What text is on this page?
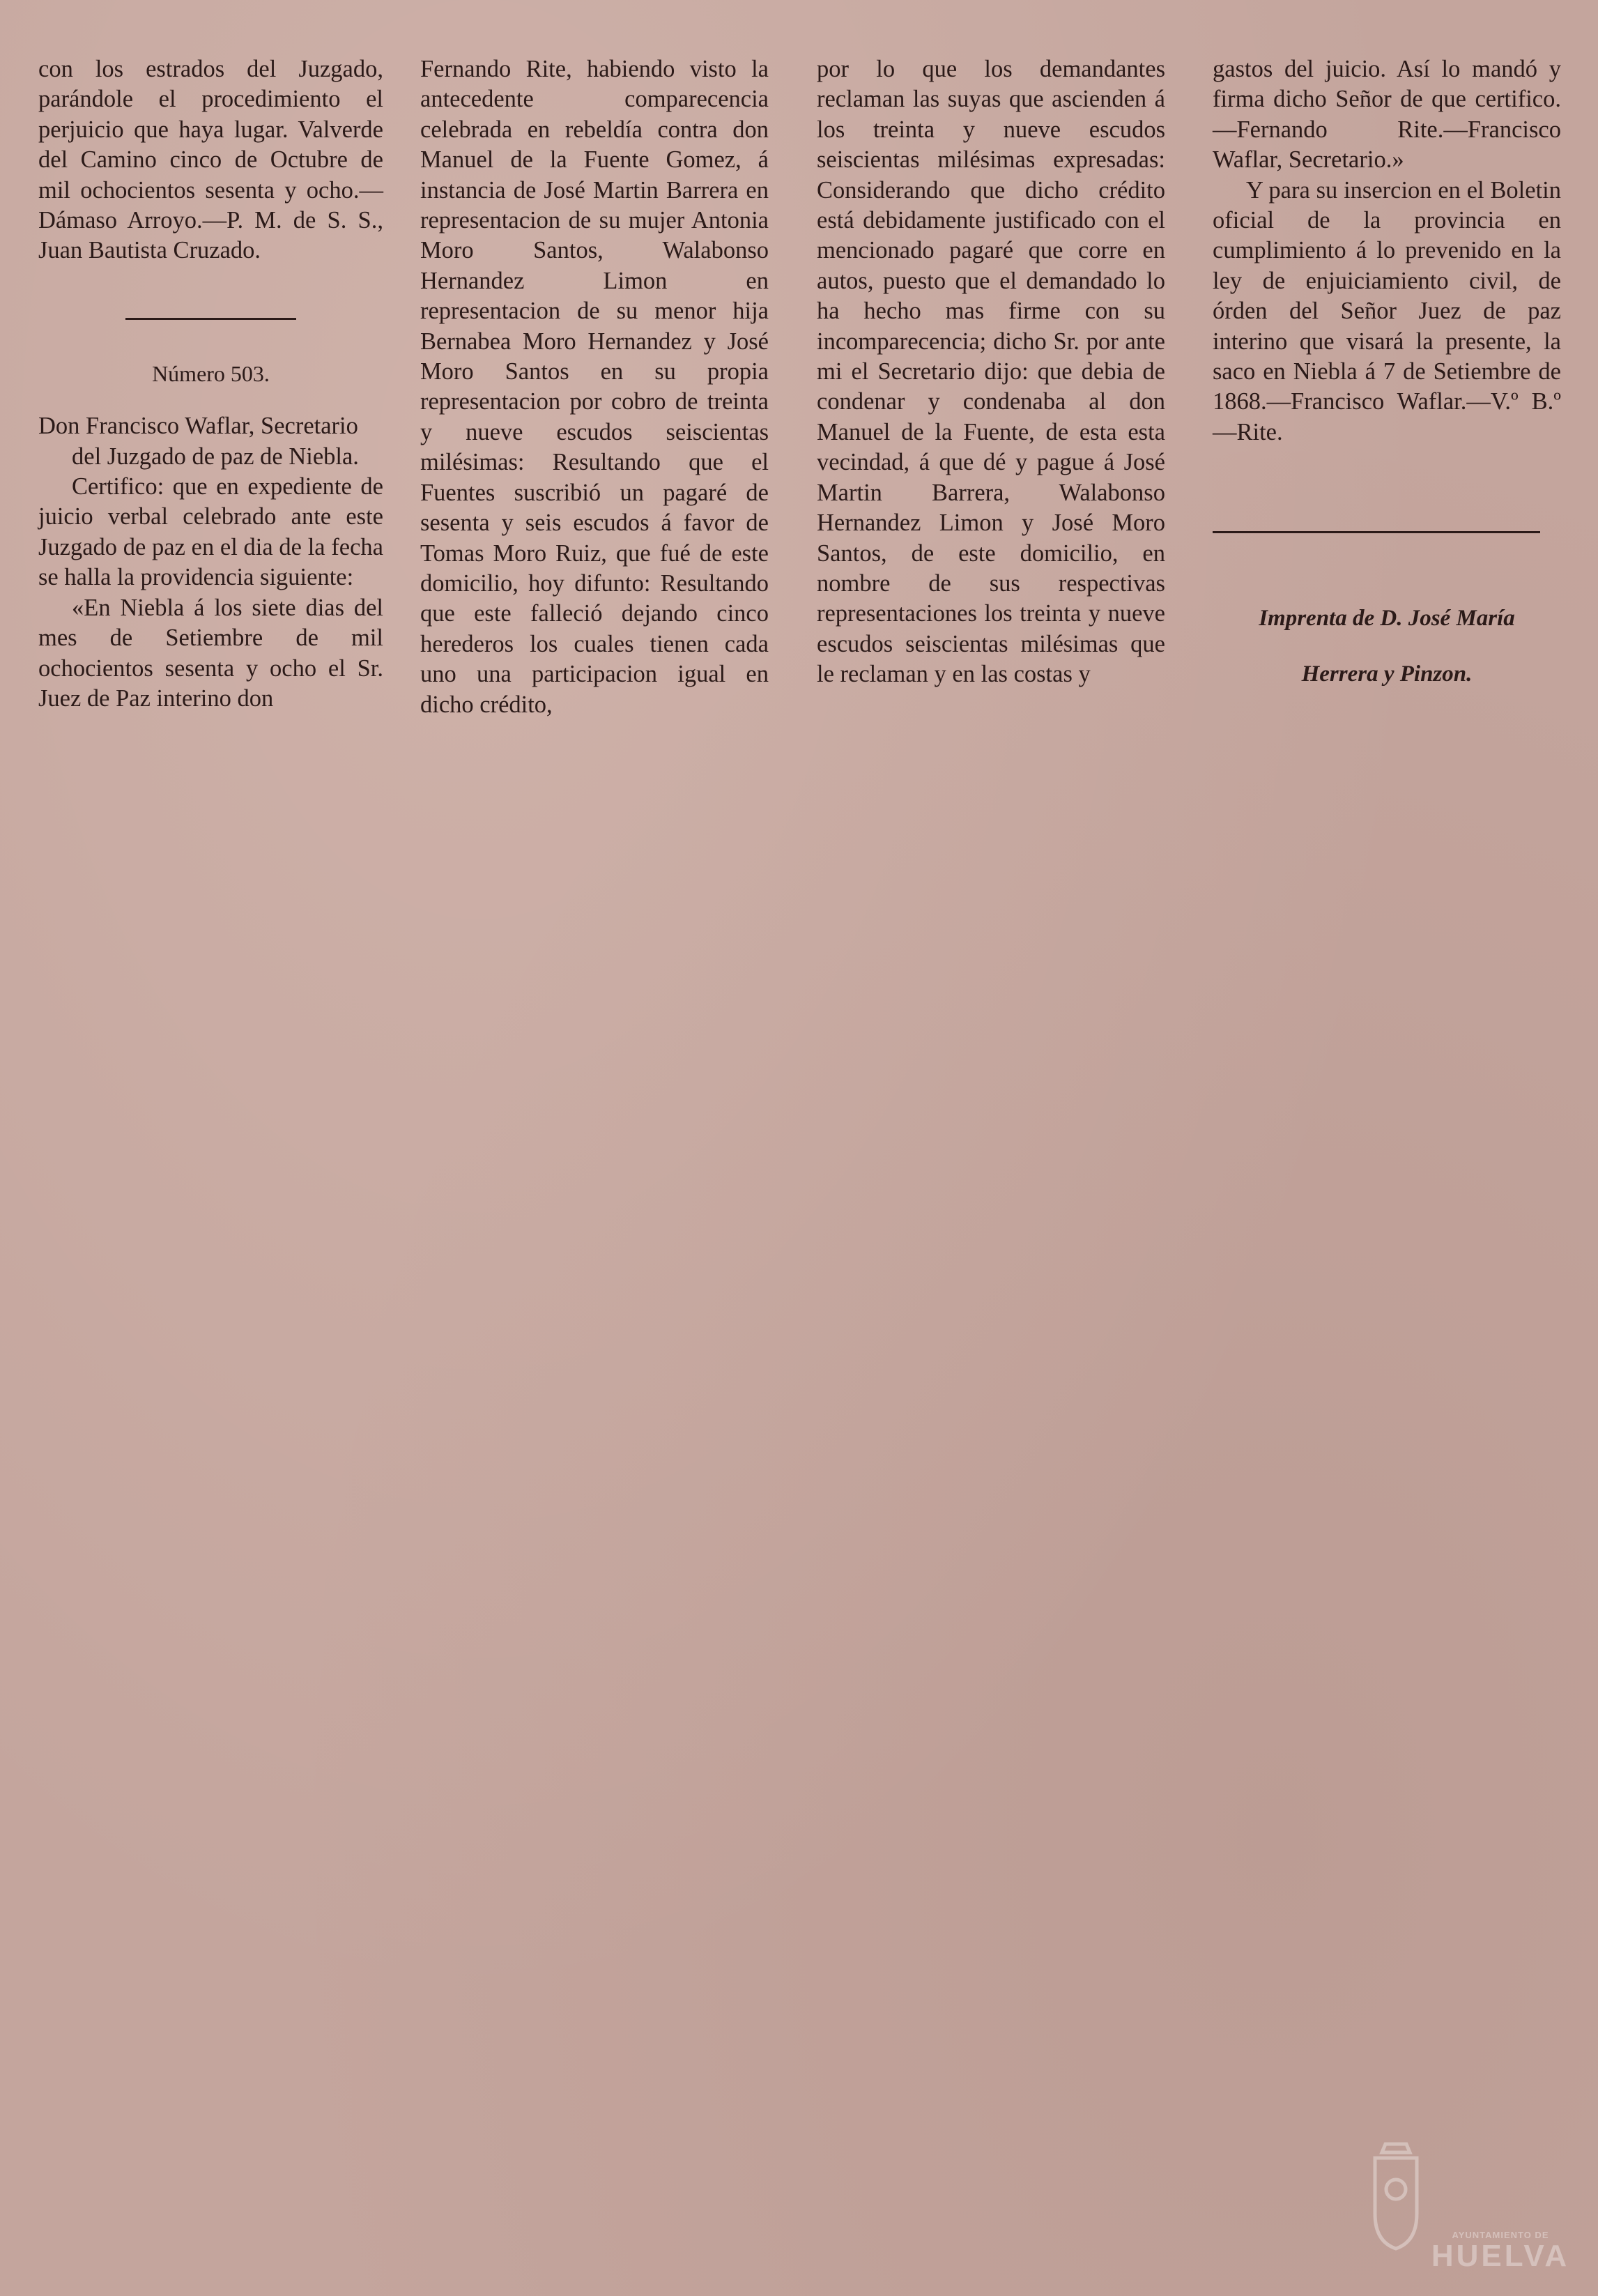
con los estrados del Juzgado, parándole el procedimiento el perjuicio que haya lugar. Valverde del Camino cinco de Octubre de mil ochocientos sesenta y ocho.—Dámaso Arroyo.—P. M. de S. S., Juan Bautista Cruzado.

Número 503.

Don Francisco Waflar, Secretario del Juzgado de paz de Niebla.

Certifico: que en expediente de juicio verbal celebrado ante este Juzgado de paz en el dia de la fecha se halla la providencia siguiente:

«En Niebla á los siete dias del mes de Setiembre de mil ochocientos sesenta y ocho el Sr. Juez de Paz interino don

Fernando Rite, habiendo visto la antecedente comparecencia celebrada en rebeldía contra don Manuel de la Fuente Gomez, á instancia de José Martin Barrera en representacion de su mujer Antonia Moro Santos, Walabonso Hernandez Limon en representacion de su menor hija Bernabea Moro Hernandez y José Moro Santos en su propia representacion por cobro de treinta y nueve escudos seiscientas milésimas: Resultando que el Fuentes suscribió un pagaré de sesenta y seis escudos á favor de Tomas Moro Ruiz, que fué de este domicilio, hoy difunto: Resultando que este falleció dejando cinco herederos los cuales tienen cada uno una participacion igual en dicho crédito,

por lo que los demandantes reclaman las suyas que ascienden á los treinta y nueve escudos seiscientas milésimas expresadas: Considerando que dicho crédito está debidamente justificado con el mencionado pagaré que corre en autos, puesto que el demandado lo ha hecho mas firme con su incomparecencia; dicho Sr. por ante mi el Secretario dijo: que debia de condenar y condenaba al don Manuel de la Fuente, de esta esta vecindad, á que dé y pague á José Martin Barrera, Walabonso Hernandez Limon y José Moro Santos, de este domicilio, en nombre de sus respectivas representaciones los treinta y nueve escudos seiscientas milésimas que le reclaman y en las costas y

gastos del juicio. Así lo mandó y firma dicho Señor de que certifico.—Fernando Rite.—Francisco Waflar, Secretario.»

Y para su insercion en el Boletin oficial de la provincia en cumplimiento á lo prevenido en la ley de enjuiciamiento civil, de órden del Señor Juez de paz interino que visará la presente, la saco en Niebla á 7 de Setiembre de 1868.—Francisco Waflar.—V.º B.º—Rite.

Imprenta de D. José María
Herrera y Pinzon.

AYUNTAMIENTO DE
HUELVA
